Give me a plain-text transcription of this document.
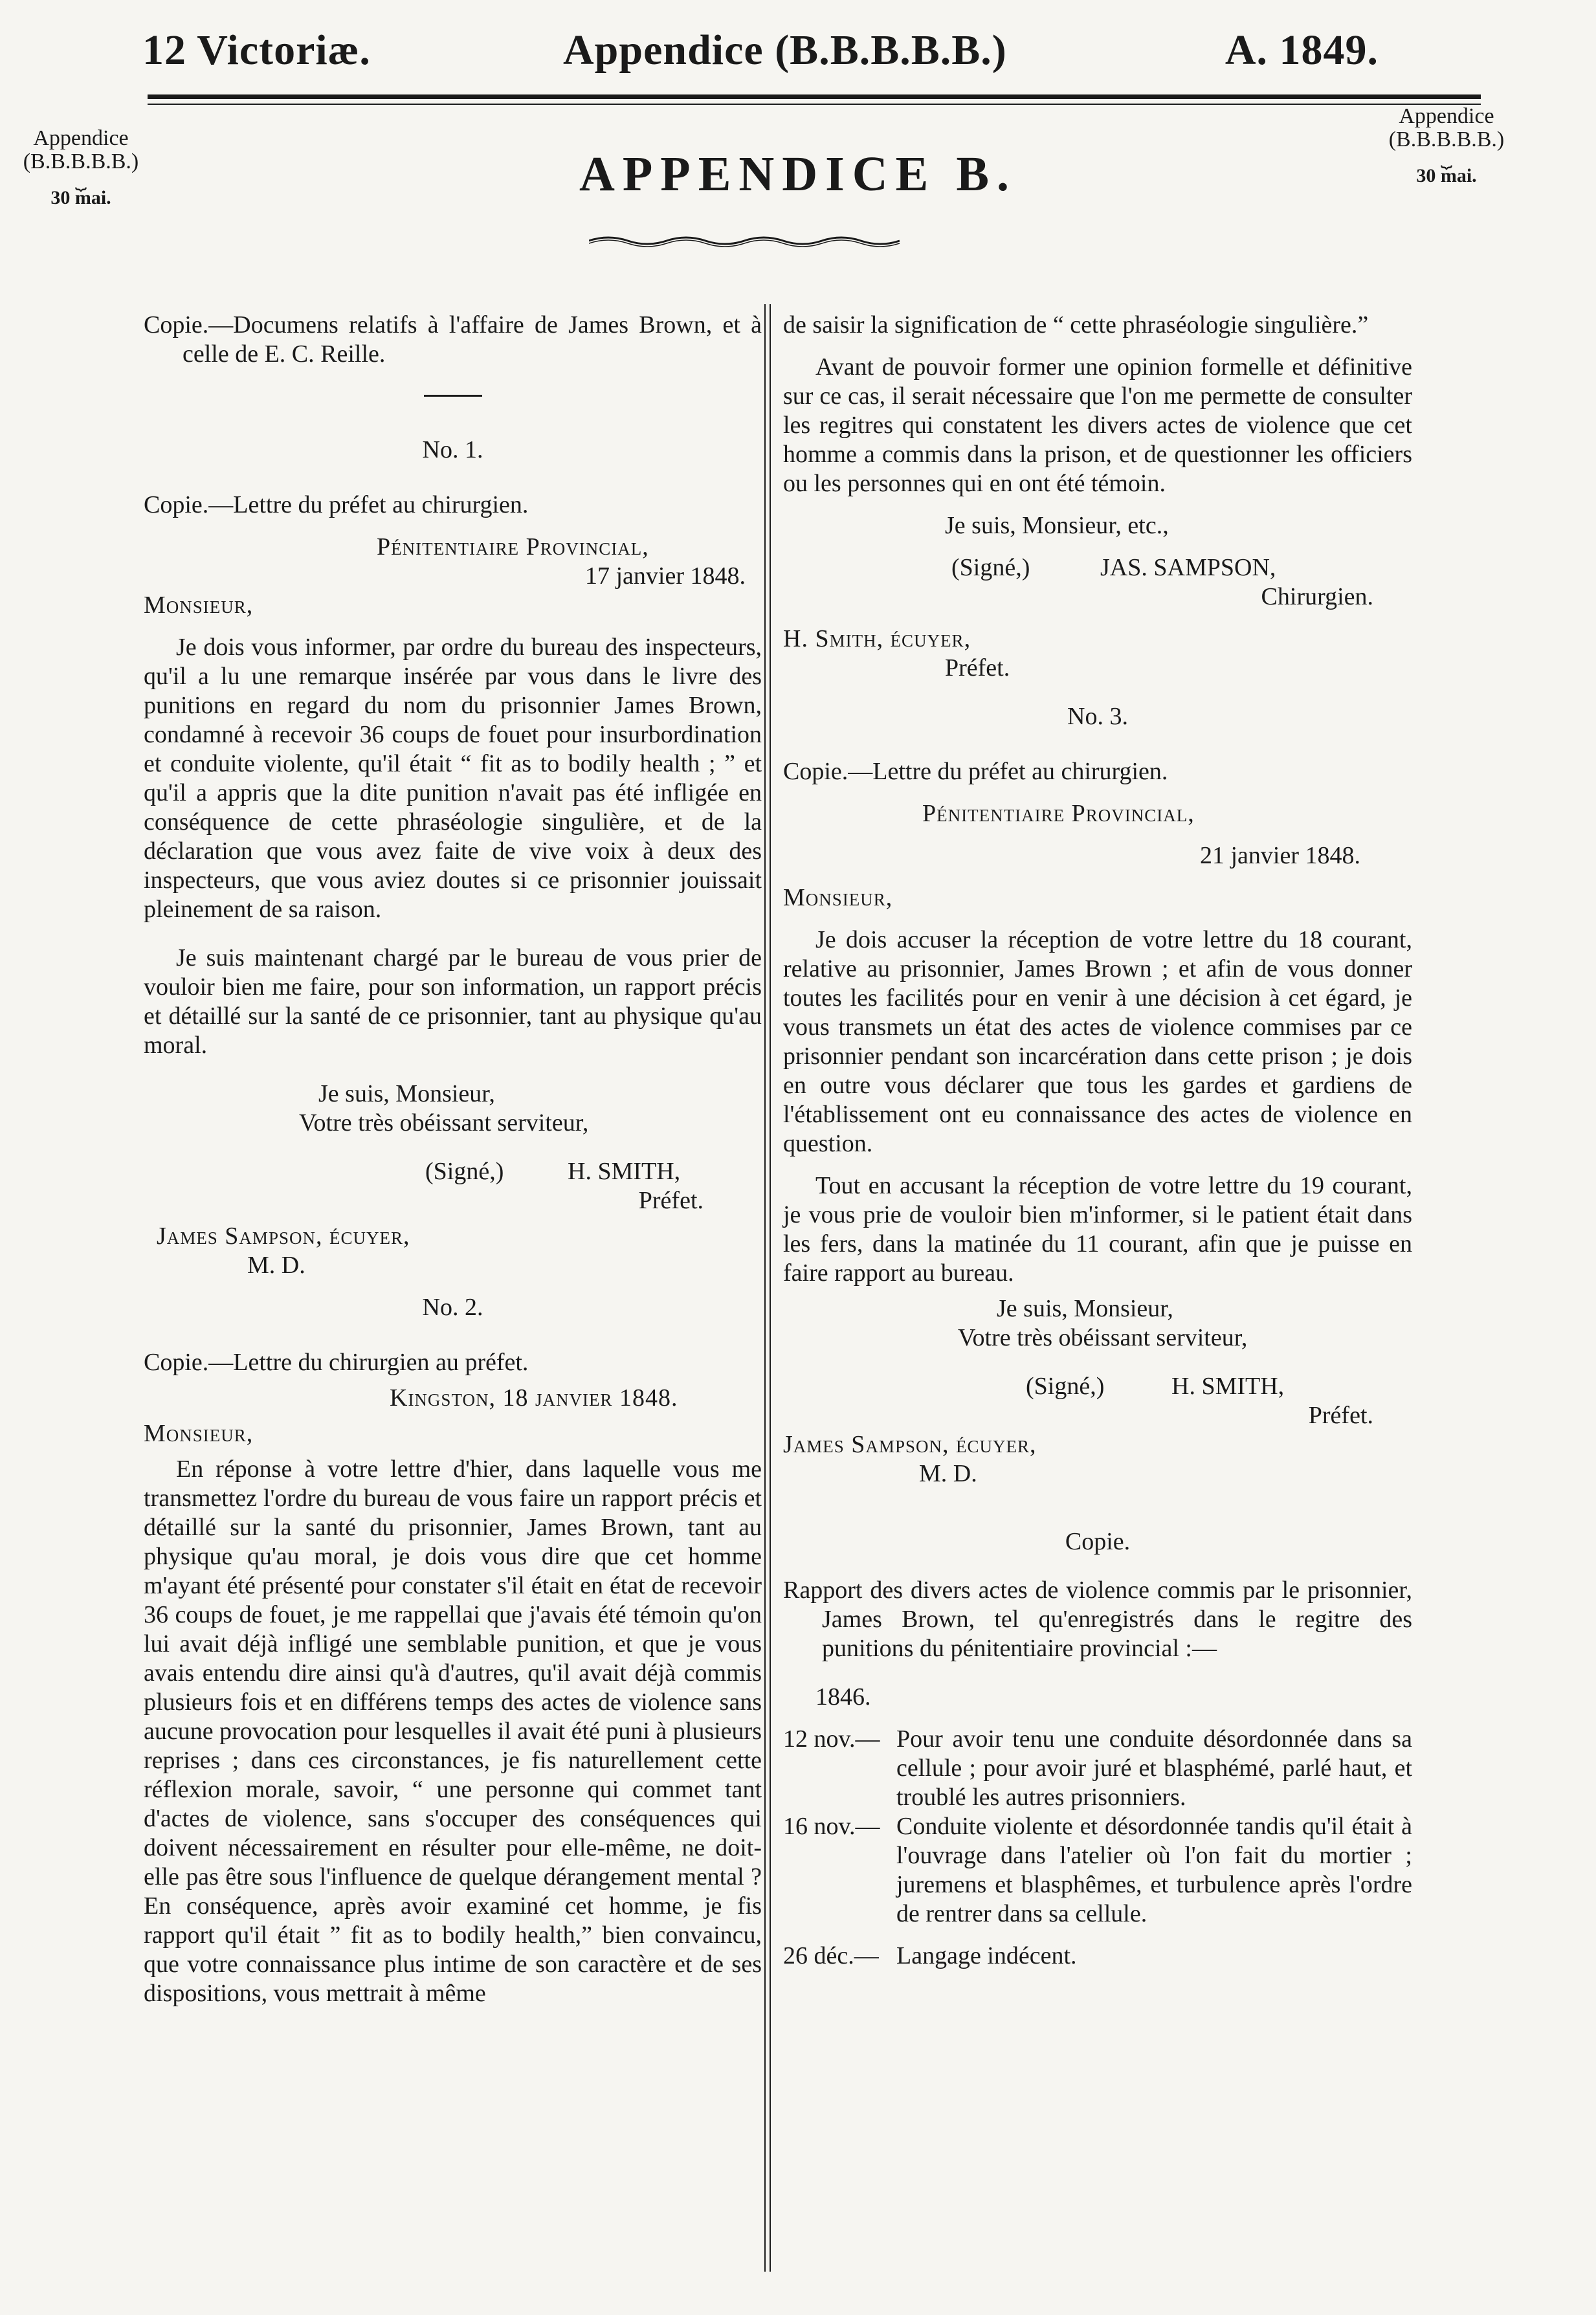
12 Victoriæ.	Appendice (B.B.B.B.B.)	A. 1849.
Appendice
(B.B.B.B.B.)
⏟
30 mai.
Appendice
(B.B.B.B.B.)
⏟
30 mai.
APPENDICE B.

Copie.—Documens relatifs à l'affaire de James Brown, et à celle de E. C. Reille.

No. 1.

Copie.—Lettre du préfet au chirurgien.

Pénitentiaire Provincial,

17 janvier 1848.

Monsieur,

Je dois vous informer, par ordre du bureau des inspecteurs, qu'il a lu une remarque insérée par vous dans le livre des punitions en regard du nom du prisonnier James Brown, condamné à recevoir 36 coups de fouet pour insurbordination et conduite violente, qu'il était “ fit as to bodily health ; ” et qu'il a appris que la dite punition n'avait pas été infligée en conséquence de cette phraséologie singulière, et de la déclaration que vous avez faite de vive voix à deux des inspecteurs, que vous aviez doutes si ce prisonnier jouissait pleinement de sa raison.

Je suis maintenant chargé par le bureau de vous prier de vouloir bien me faire, pour son information, un rapport précis et détaillé sur la santé de ce prisonnier, tant au physique qu'au moral.

Je suis, Monsieur,

Votre très obéissant serviteur,

(Signé,)	H. SMITH,

Préfet.

James Sampson, écuyer,

M. D.

No. 2.

Copie.—Lettre du chirurgien au préfet.

Kingston, 18 janvier 1848.

Monsieur,

En réponse à votre lettre d'hier, dans laquelle vous me transmettez l'ordre du bureau de vous faire un rapport précis et détaillé sur la santé du prisonnier, James Brown, tant au physique qu'au moral, je dois vous dire que cet homme m'ayant été présenté pour constater s'il était en état de recevoir 36 coups de fouet, je me rappellai que j'avais été témoin qu'on lui avait déjà infligé une semblable punition, et que je vous avais entendu dire ainsi qu'à d'autres, qu'il avait déjà commis plusieurs fois et en différens temps des actes de violence sans aucune provocation pour lesquelles il avait été puni à plusieurs reprises ; dans ces circonstances, je fis naturellement cette réflexion morale, savoir, “ une personne qui commet tant d'actes de violence, sans s'occuper des conséquences qui doivent nécessairement en résulter pour elle-même, ne doit-elle pas être sous l'influence de quelque dérangement mental ? En conséquence, après avoir examiné cet homme, je fis rapport qu'il était ” fit as to bodily health,” bien convaincu, que votre connaissance plus intime de son caractère et de ses dispositions, vous mettrait à même

de saisir la signification de “ cette phraséologie singulière.”

Avant de pouvoir former une opinion formelle et définitive sur ce cas, il serait nécessaire que l'on me permette de consulter les regitres qui constatent les divers actes de violence que cet homme a commis dans la prison, et de questionner les officiers ou les personnes qui en ont été témoin.

Je suis, Monsieur, etc.,

(Signé,)	JAS. SAMPSON,

Chirurgien.

H. Smith, écuyer,

Préfet.

No. 3.

Copie.—Lettre du préfet au chirurgien.

Pénitentiaire Provincial,

21 janvier 1848.

Monsieur,

Je dois accuser la réception de votre lettre du 18 courant, relative au prisonnier, James Brown ; et afin de vous donner toutes les facilités pour en venir à une décision à cet égard, je vous transmets un état des actes de violence commises par ce prisonnier pendant son incarcération dans cette prison ; je dois en outre vous déclarer que tous les gardes et gardiens de l'établissement ont eu connaissance des actes de violence en question.

Tout en accusant la réception de votre lettre du 19 courant, je vous prie de vouloir bien m'informer, si le patient était dans les fers, dans la matinée du 11 courant, afin que je puisse en faire rapport au bureau.

Je suis, Monsieur,

Votre très obéissant serviteur,

(Signé,)	H. SMITH,

Préfet.

James Sampson, écuyer,

M. D.

Copie.

Rapport des divers actes de violence commis par le prisonnier, James Brown, tel qu'enregistrés dans le regitre des punitions du pénitentiaire provincial :—

1846.

12 nov.— Pour avoir tenu une conduite désordonnée dans sa cellule ; pour avoir juré et blasphémé, parlé haut, et troublé les autres prisonniers.
16 nov.— Conduite violente et désordonnée tandis qu'il était à l'ouvrage dans l'atelier où l'on fait du mortier ; juremens et blasphêmes, et turbulence après l'ordre de rentrer dans sa cellule.
26 déc.— Langage indécent.
